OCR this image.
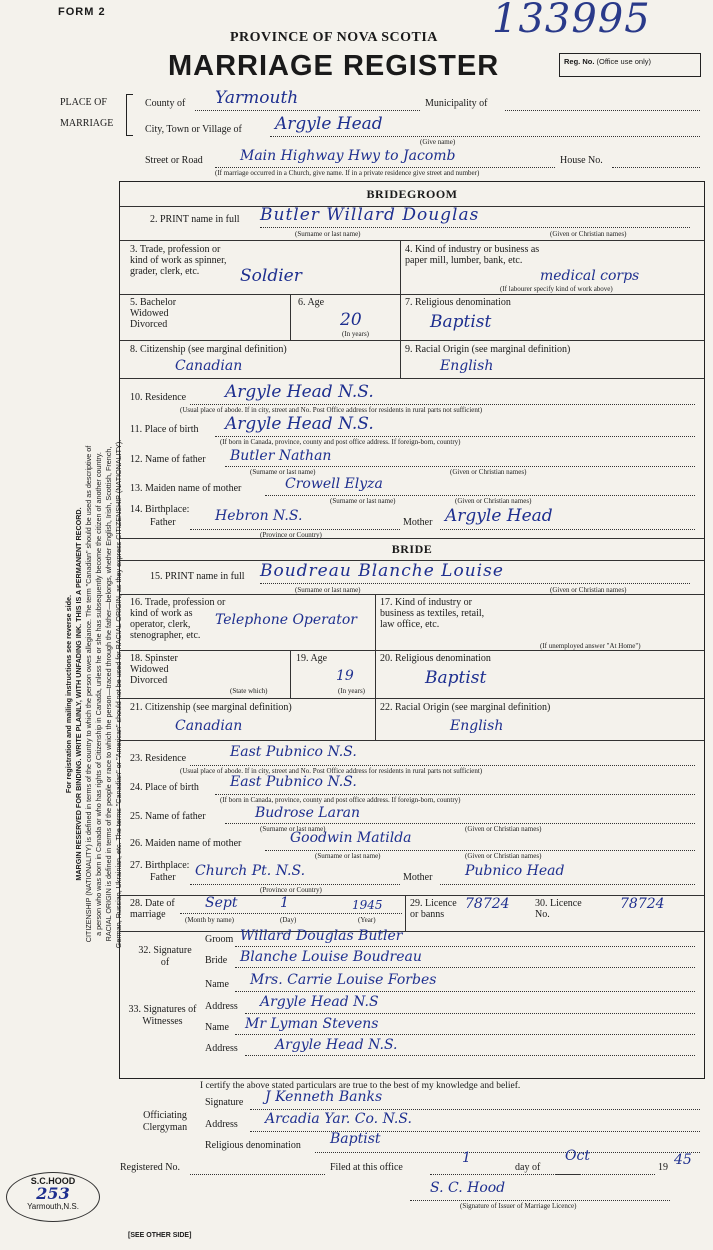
FORM 2	133995
PROVINCE OF NOVA SCOTIA
MARRIAGE REGISTER	Reg. No. (Office use only)
PLACE OF
MARRIAGE
County of Yarmouth	Municipality of
City, Town or Village of Argyle Head
(Give name)
Street or Road	Main Highway Hwy to Jacomb	House No.
(If marriage occurred in a Church, give name. If in a private residence give street and number)
BRIDEGROOM
2. PRINT name in full Butler Willard Douglas
(Surname or last name)	(Given or Christian names)
3. Trade, profession or kind of work as spinner, grader, clerk, etc.	Soldier
4. Kind of industry or business as paper mill, lumber, bank, etc.
medical corps
(If labourer specify kind of work above)
5. Bachelor Widowed Divorced
6. Age
20
(In years)
7. Religious denomination
Baptist
8. Citizenship (see marginal definition)
Canadian
9. Racial Origin (see marginal definition)
English
10. Residence Argyle Head N.S.
(Usual place of abode. If in city, street and No. Post Office address for residents in rural parts not sufficient)
11. Place of birth Argyle Head N.S.
(If born in Canada, province, county and post office address. If foreign-born, country)
12. Name of father Butler Nathan
(Surname or last name)	(Given or Christian names)
13. Maiden name of mother	Crowell Elyza
(Surname or last name)	(Given or Christian names)
14. Birthplace:
Father	Hebron N.S.	Mother Argyle Head
(Province or Country)
BRIDE
15. PRINT name in full Boudreau Blanche Louise
(Surname or last name)	(Given or Christian names)
16. Trade, profession or kind of work as operator, clerk, stenographer, etc.
Telephone Operator
17. Kind of industry or business as textiles, retail, law office, etc.
(If unemployed answer "At Home")
18. Spinster Widowed Divorced
(State which)
19. Age
19
(In years)
20. Religious denomination
Baptist
21. Citizenship (see marginal definition)
Canadian
22. Racial Origin (see marginal definition)
English
23. Residence	East Pubnico N.S.
(Usual place of abode. If in city, street and No. Post Office address for residents in rural parts not sufficient)
24. Place of birth East Pubnico N.S.
(If born in Canada, province, county and post office address. If foreign-born, country)
25. Name of father	Budrose Laran
(Surname or last name)	(Given or Christian names)
26. Maiden name of mother	Goodwin Matilda
(Surname or last name)	(Given or Christian names)
27. Birthplace:
Father Church Pt. N.S.	Mother Pubnico Head
(Province or Country)
28. Date of marriage
Sept	1	1945
(Month by name)	(Day)	(Year)
29. Licence or banns
78724	30. Licence No.
78724
32. Signature of
Groom Willard Douglas Butler
Bride Blanche Louise Boudreau
33. Signatures of Witnesses
Name Mrs. Carrie Louise Forbes
Address Argyle Head N.S
Name Mr Lyman Stevens
Address	Argyle Head N.S.
I certify the above stated particulars are true to the best of my knowledge and belief.
Officiating Clergyman
Signature J Kenneth Banks
Address Arcadia Yar. Co. N.S.
Religious denomination Baptist
Registered No.	Filed at this office
1
day of
Oct
19 45
S. C. Hood
(Signature of Issuer of Marriage Licence)
S.C.HOOD
253
Yarmouth,N.S.
[SEE OTHER SIDE]
For registration and mailing instructions see reverse side. MARGIN RESERVED FOR BINDING. WRITE PLAINLY, WITH UNFADING INK. THIS IS A PERMANENT RECORD. CITIZENSHIP (NATIONALITY) is defined in terms of the country to which the person owes allegiance. The term "Canadian" should be used as descriptive of a person who was born in Canada or who has rights of Citizenship in Canada, unless he or she has subsequently become the citizen of another country. RACIAL ORIGIN is defined in terms of the people or race to which the person—traced through the father—belongs, whether English, Irish, Scottish, French, German, Russian, Ukrainian, etc. The terms "Canadian" or "American" should not be used for RACIAL ORIGIN, as they express CITIZENSHIP (NATIONALITY).
